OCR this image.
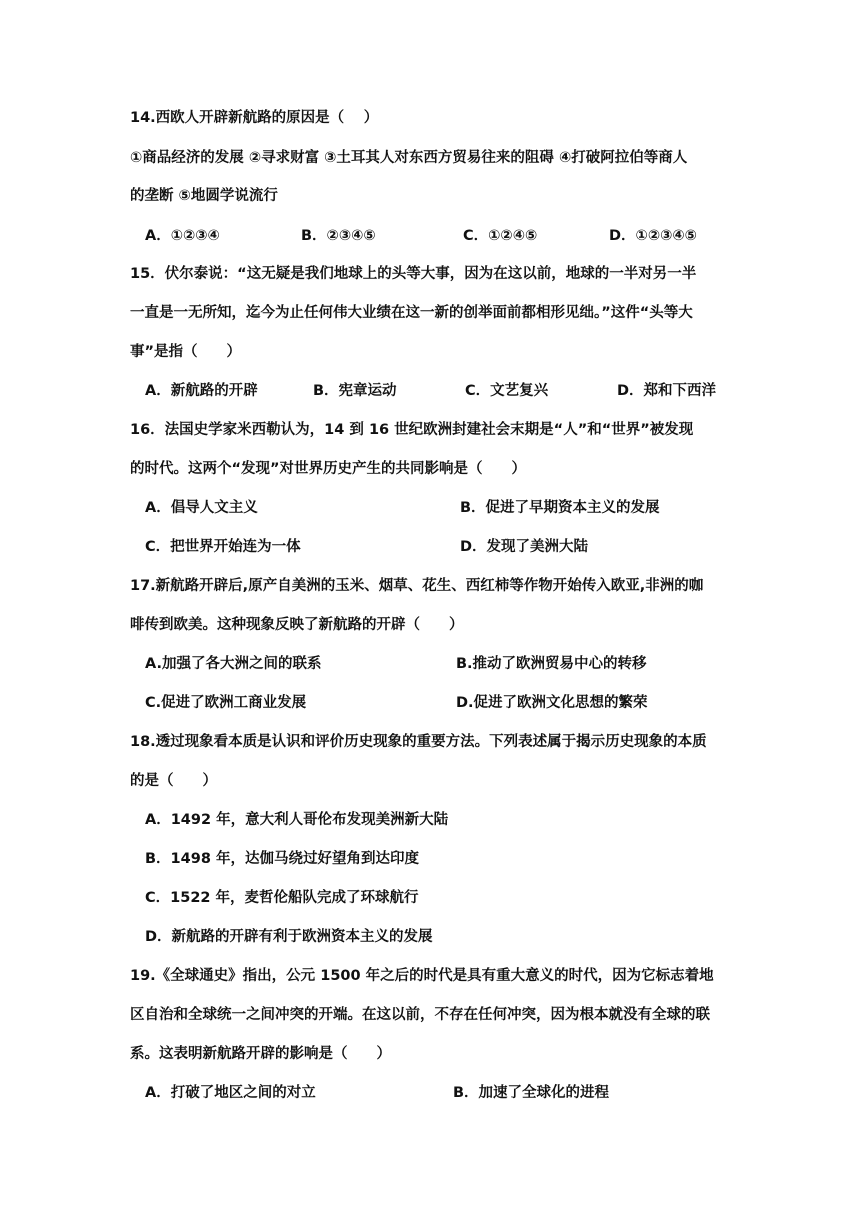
14.西欧人开辟新航路的原因是（　 ）
①商品经济的发展 ②寻求财富 ③土耳其人对东西方贸易往来的阻碍 ④打破阿拉伯等商人
的垄断 ⑤地圆学说流行
A．①②③④	B．②③④⑤	C．①②④⑤	D．①②③④⑤
15．伏尔泰说：“这无疑是我们地球上的头等大事，因为在这以前，地球的一半对另一半
一直是一无所知，迄今为止任何伟大业绩在这一新的创举面前都相形见绌。”这件“头等大
事”是指（　　）
A．新航路的开辟	B．宪章运动	C．文艺复兴	D．郑和下西洋
16．法国史学家米西勒认为，14 到 16 世纪欧洲封建社会末期是“人”和“世界”被发现
的时代。这两个“发现”对世界历史产生的共同影响是（　　）
A．倡导人文主义	B．促进了早期资本主义的发展
C．把世界开始连为一体	D．发现了美洲大陆
17.新航路开辟后,原产自美洲的玉米、烟草、花生、西红柿等作物开始传入欧亚,非洲的咖
啡传到欧美。这种现象反映了新航路的开辟（　　）
A.加强了各大洲之间的联系	B.推动了欧洲贸易中心的转移
C.促进了欧洲工商业发展	D.促进了欧洲文化思想的繁荣
18.透过现象看本质是认识和评价历史现象的重要方法。下列表述属于揭示历史现象的本质
的是（　　）
A．1492 年，意大利人哥伦布发现美洲新大陆
B．1498 年，达伽马绕过好望角到达印度
C．1522 年，麦哲伦船队完成了环球航行
D．新航路的开辟有利于欧洲资本主义的发展
19.《全球通史》指出，公元 1500 年之后的时代是具有重大意义的时代，因为它标志着地
区自治和全球统一之间冲突的开端。在这以前，不存在任何冲突，因为根本就没有全球的联
系。这表明新航路开辟的影响是（　　）
A．打破了地区之间的对立	B．加速了全球化的进程
